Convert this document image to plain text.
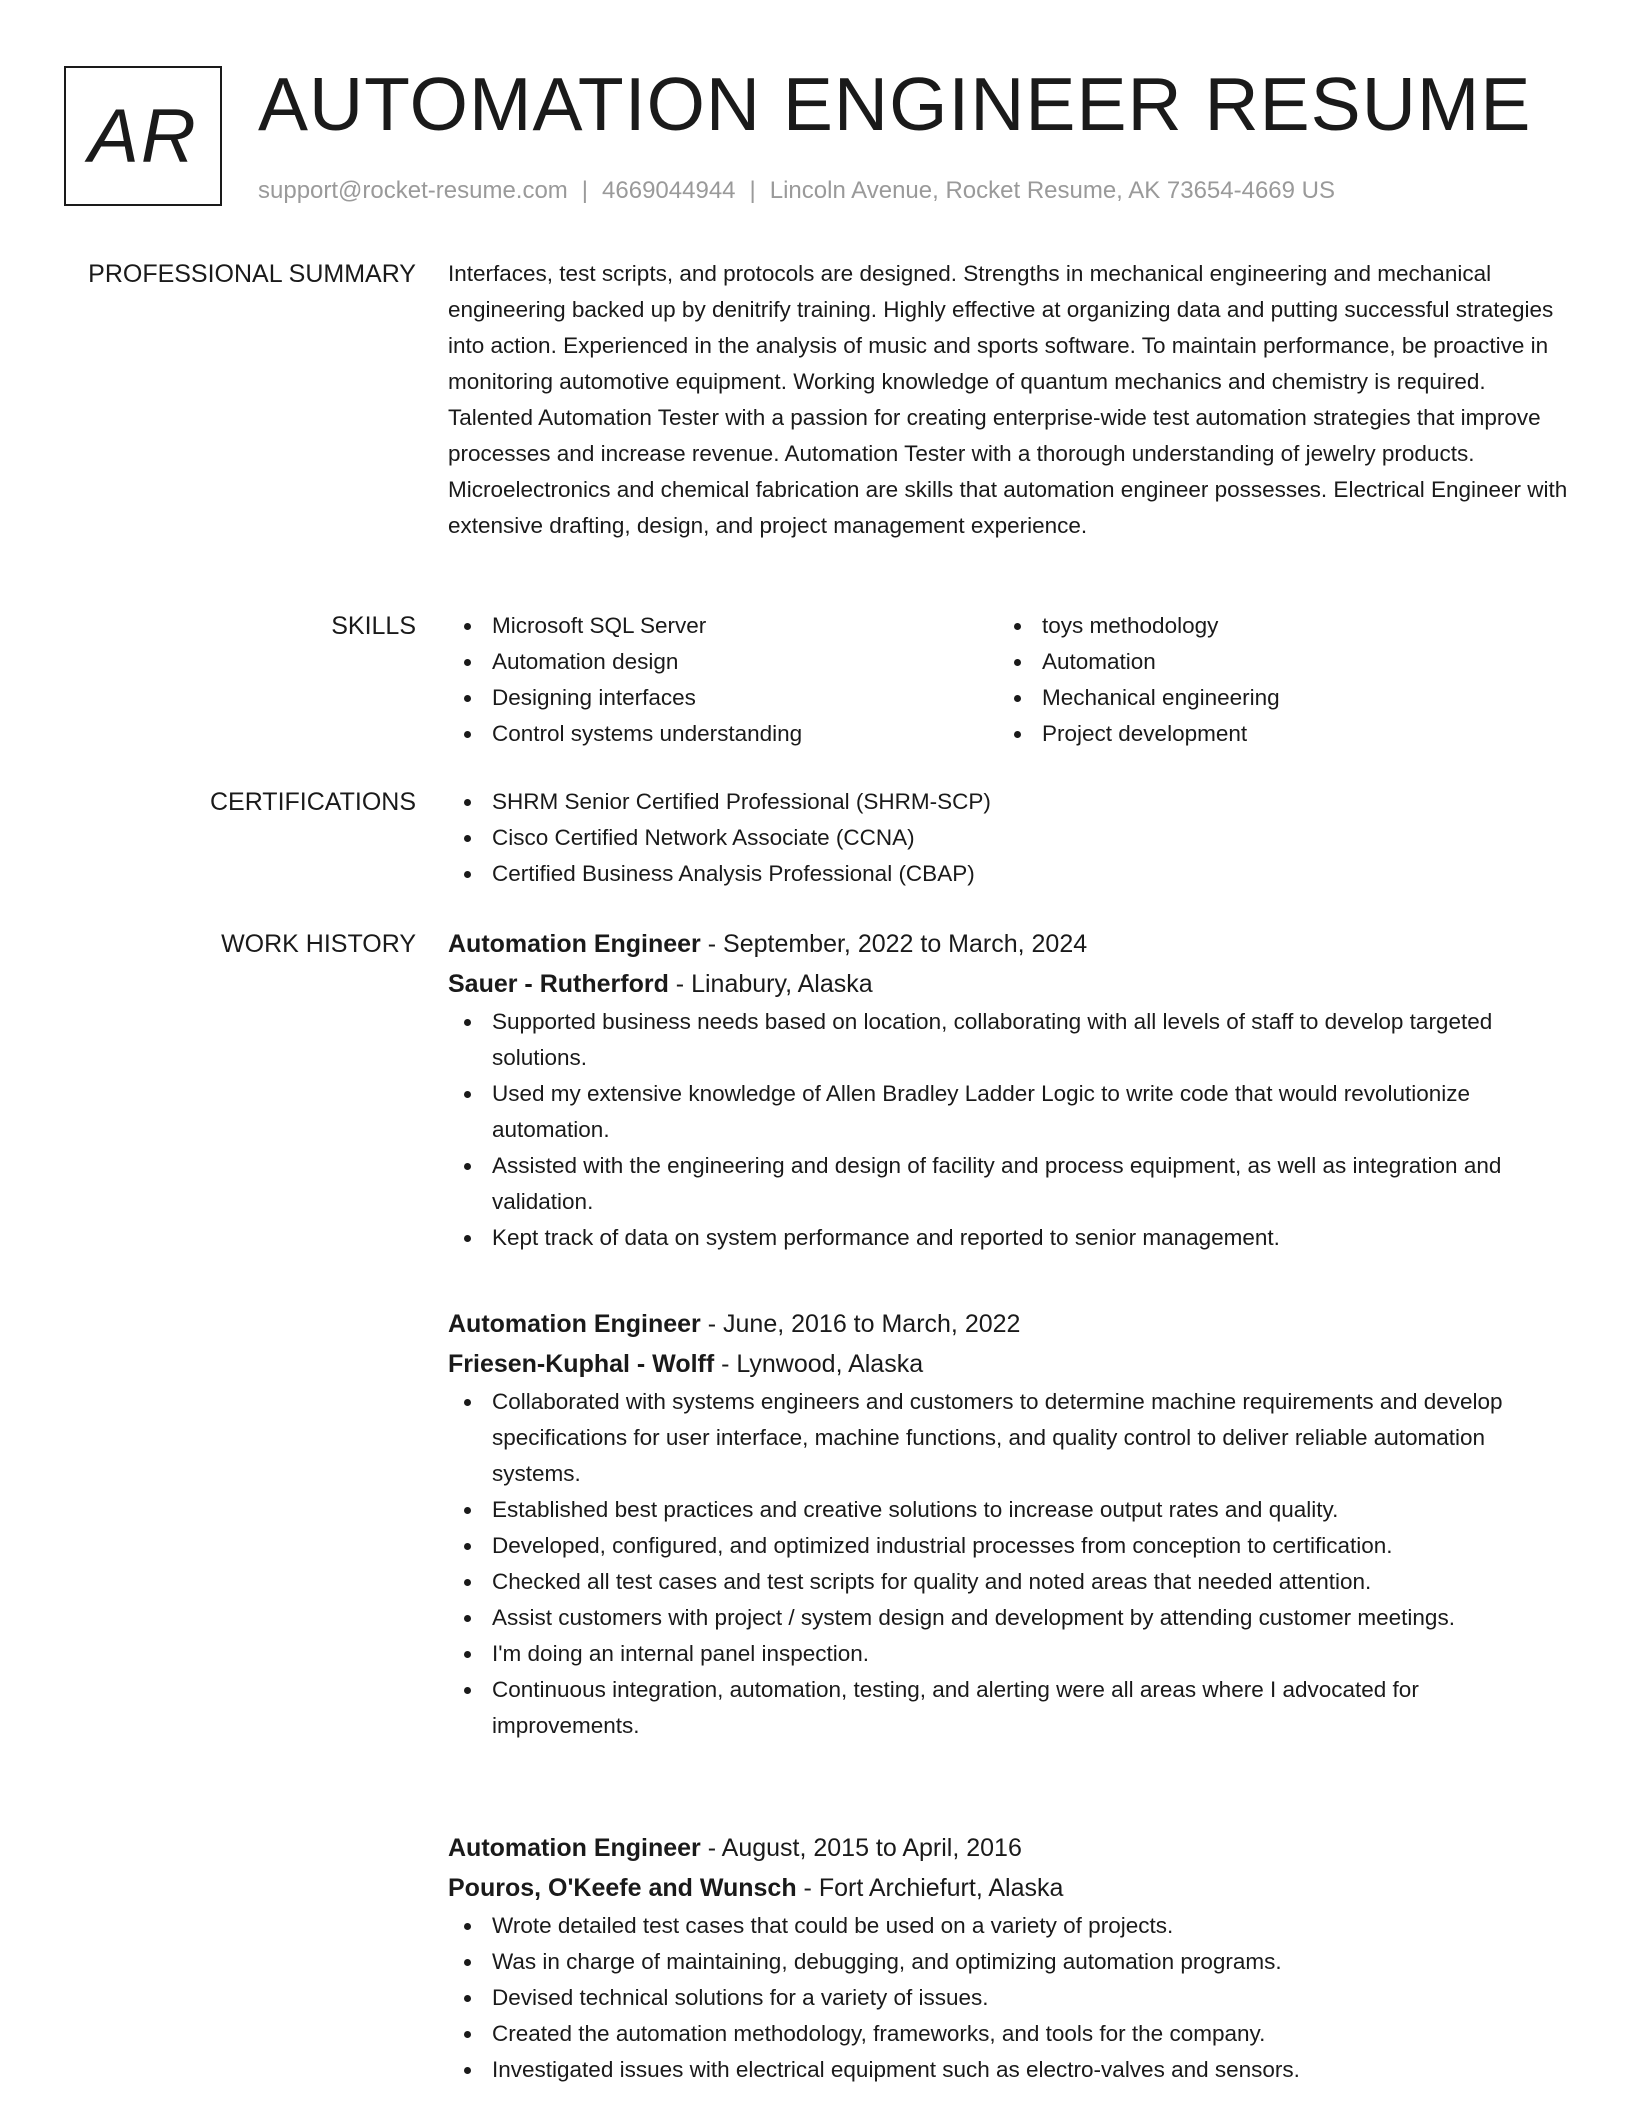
AR AUTOMATION ENGINEER RESUME
support@rocket-resume.com | 4669044944 | Lincoln Avenue, Rocket Resume, AK 73654-4669 US
PROFESSIONAL SUMMARY Interfaces, test scripts, and protocols are designed. Strengths in mechanical engineering and mechanical engineering backed up by denitrify training. Highly effective at organizing data and putting successful strategies into action. Experienced in the analysis of music and sports software. To maintain performance, be proactive in monitoring automotive equipment. Working knowledge of quantum mechanics and chemistry is required. Talented Automation Tester with a passion for creating enterprise-wide test automation strategies that improve processes and increase revenue. Automation Tester with a thorough understanding of jewelry products. Microelectronics and chemical fabrication are skills that automation engineer possesses. Electrical Engineer with extensive drafting, design, and project management experience.

SKILLS	Microsoft SQL Server
Automation design
Designing interfaces
Control systems understanding
toys methodology
Automation
Mechanical engineering
Project development
CERTIFICATIONS	SHRM Senior Certified Professional (SHRM-SCP)
Cisco Certified Network Associate (CCNA)
Certified Business Analysis Professional (CBAP)
WORK HISTORY Automation Engineer - September, 2022 to March, 2024
Sauer - Rutherford - Linabury, Alaska
Supported business needs based on location, collaborating with all levels of staff to develop targeted solutions.
Used my extensive knowledge of Allen Bradley Ladder Logic to write code that would revolutionize automation.
Assisted with the engineering and design of facility and process equipment, as well as integration and validation.
Kept track of data on system performance and reported to senior management.
Automation Engineer - June, 2016 to March, 2022
Friesen-Kuphal - Wolff - Lynwood, Alaska
Collaborated with systems engineers and customers to determine machine requirements and develop specifications for user interface, machine functions, and quality control to deliver reliable automation systems.
Established best practices and creative solutions to increase output rates and quality.
Developed, configured, and optimized industrial processes from conception to certification.
Checked all test cases and test scripts for quality and noted areas that needed attention.
Assist customers with project / system design and development by attending customer meetings.
I'm doing an internal panel inspection.
Continuous integration, automation, testing, and alerting were all areas where I advocated for improvements.
Automation Engineer - August, 2015 to April, 2016
Pouros, O'Keefe and Wunsch - Fort Archiefurt, Alaska
Wrote detailed test cases that could be used on a variety of projects.
Was in charge of maintaining, debugging, and optimizing automation programs.
Devised technical solutions for a variety of issues.
Created the automation methodology, frameworks, and tools for the company.
Investigated issues with electrical equipment such as electro-valves and sensors.
